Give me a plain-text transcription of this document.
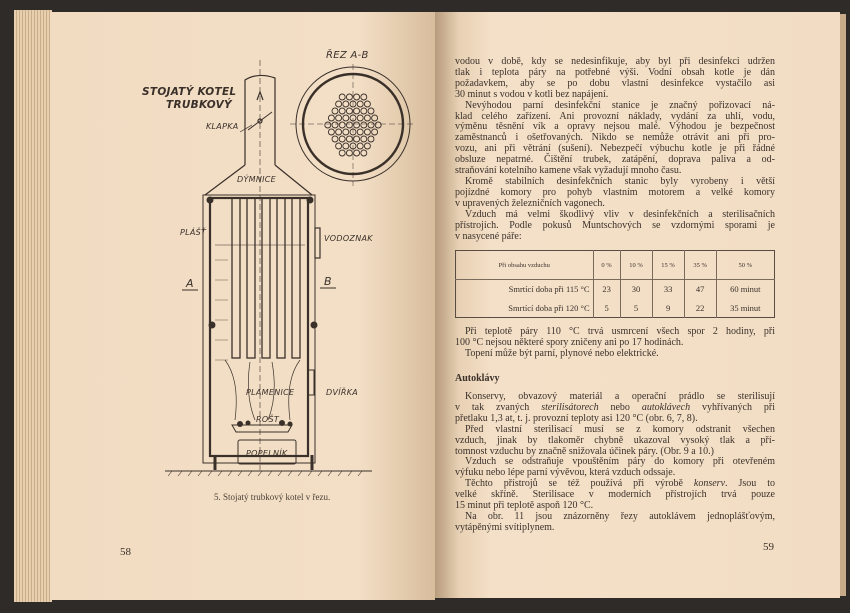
STOJATÝ KOTEL
TRUBKOVÝ
ŘEZ A-B
KLAPKA
DÝMNICE
PLÁŠŤ
VODOZNAK
A	B
PLAMENICE	DVÍŘKA
ROŠT
POPELNÍK
5. Stojatý trubkový kotel v řezu.
58
vodou v době, kdy se nedesinfikuje, aby byl při desinfekci udržen
tlak i teplota páry na potřebné výši. Vodní obsah kotle je dán
požadavkem, aby se po dobu vlastní desinfekce vystačilo asi
30 minut s vodou v kotli bez napájení.
Nevýhodou parní desinfekční stanice je značný pořizovací ná-
klad celého zařízení. Ani provozní náklady, vydání za uhlí, vodu,
výměnu těsnění vík a opravy nejsou malé. Výhodou je bezpečnost
zaměstnanců i ošetřovaných. Nikdo se nemůže otrávit ani při pro-
vozu, ani při větrání (sušení). Nebezpečí výbuchu kotle je při řádné
obsluze nepatrné. Čištění trubek, zatápění, doprava paliva a od-
straňování kotelního kamene však vyžadují mnoho času.
Kromě stabilních desinfekčních stanic byly vyrobeny i větší
pojízdné komory pro pohyb vlastním motorem a velké komory
v upravených železničních vagonech.
Vzduch má velmi škodlivý vliv v desinfekčních a sterilisačních
přístrojích. Podle pokusů Muntschových se vzdornými sporami je
v nasycené páře:
Při obsahu vzduchu	0 %	10 %	15 %	35 %	50 %
Smrtící doba při 115 °C	23	30	33	47	60 minut
Smrtící doba při 120 °C	5	5	9	22	35 minut
Při teplotě páry 110 °C trvá usmrcení všech spor 2 hodiny, při
100 °C nejsou některé spory zničeny ani po 17 hodinách.
Topení může být parní, plynové nebo elektrické.
Autoklávy
Konservy, obvazový materiál a operační prádlo se sterilisují
v tak zvaných sterilisátorech nebo autoklávech vyhřívaných při
přetlaku 1,3 at, t. j. provozní teploty asi 120 °C (obr. 6, 7, 8).
Před vlastní sterilisací musí se z komory odstranit všechen
vzduch, jinak by tlakoměr chybně ukazoval vysoký tlak a pří-
tomnost vzduchu by značně snižovala účinek páry. (Obr. 9 a 10.)
Vzduch se odstraňuje vpouštěním páry do komory při otevřeném
výfuku nebo lépe parní vývěvou, která vzduch odssaje.
Těchto přístrojů se též používá při výrobě konserv. Jsou to
velké skříně. Sterilisace v moderních přístrojích trvá pouze
15 minut při teplotě aspoň 120 °C.
Na obr. 11 jsou znázorněny řezy autoklávem jednoplášťovým,
vytápěnými svítiplynem.
59
